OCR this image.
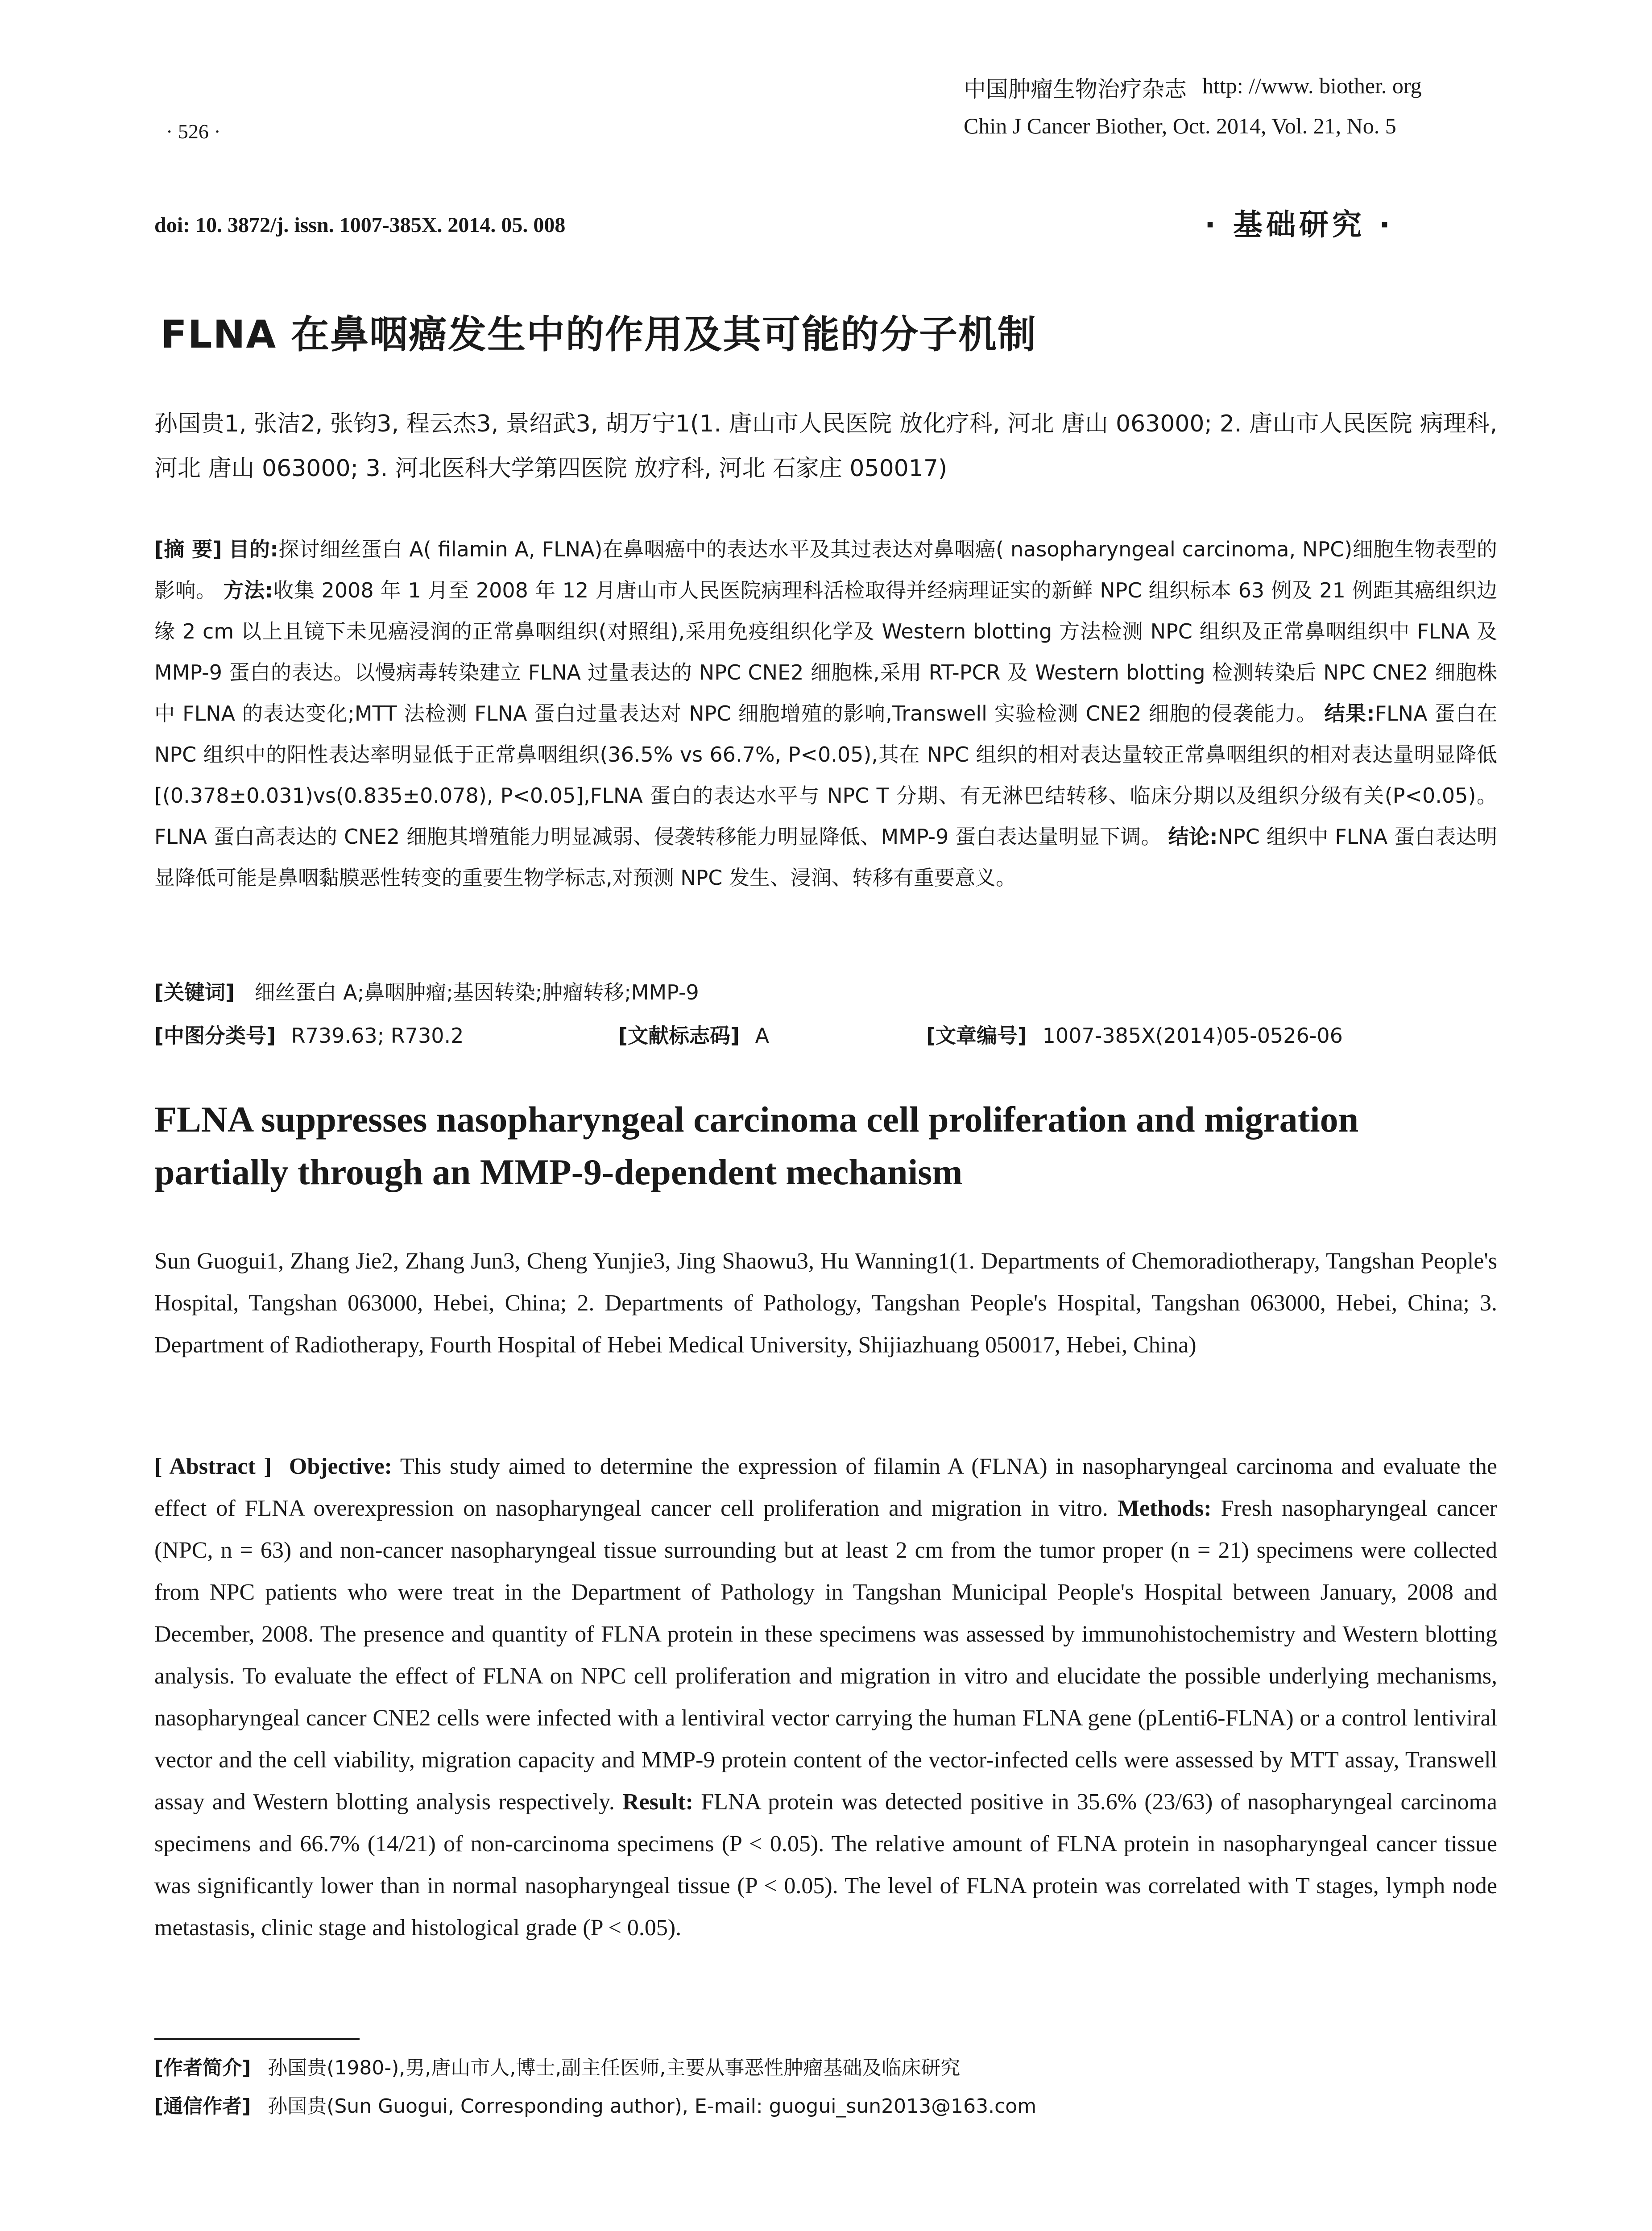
· 526 ·
中国肿瘤生物治疗杂志 http: //www. biother. org
Chin J Cancer Biother, Oct. 2014, Vol. 21, No. 5
doi: 10. 3872/j. issn. 1007-385X. 2014. 05. 008	· 基础研究 ·
FLNA 在鼻咽癌发生中的作用及其可能的分子机制
孙国贵1, 张洁2, 张钧3, 程云杰3, 景绍武3, 胡万宁1(1. 唐山市人民医院 放化疗科, 河北 唐山 063000; 2. 唐山市人民医院 病理科, 河北 唐山 063000; 3. 河北医科大学第四医院 放疗科, 河北 石家庄 050017)
[摘 要] 目的:探讨细丝蛋白 A( filamin A, FLNA)在鼻咽癌中的表达水平及其过表达对鼻咽癌( nasopharyngeal carcinoma, NPC)细胞生物表型的影响。 方法:收集 2008 年 1 月至 2008 年 12 月唐山市人民医院病理科活检取得并经病理证实的新鲜 NPC 组织标本 63 例及 21 例距其癌组织边缘 2 cm 以上且镜下未见癌浸润的正常鼻咽组织(对照组),采用免疫组织化学及 Western blotting 方法检测 NPC 组织及正常鼻咽组织中 FLNA 及 MMP-9 蛋白的表达。以慢病毒转染建立 FLNA 过量表达的 NPC CNE2 细胞株,采用 RT-PCR 及 Western blotting 检测转染后 NPC CNE2 细胞株中 FLNA 的表达变化;MTT 法检测 FLNA 蛋白过量表达对 NPC 细胞增殖的影响,Transwell 实验检测 CNE2 细胞的侵袭能力。 结果:FLNA 蛋白在 NPC 组织中的阳性表达率明显低于正常鼻咽组织(36.5% vs 66.7%, P<0.05),其在 NPC 组织的相对表达量较正常鼻咽组织的相对表达量明显降低[(0.378±0.031)vs(0.835±0.078), P<0.05],FLNA 蛋白的表达水平与 NPC T 分期、有无淋巴结转移、临床分期以及组织分级有关(P<0.05)。FLNA 蛋白高表达的 CNE2 细胞其增殖能力明显减弱、侵袭转移能力明显降低、MMP-9 蛋白表达量明显下调。 结论:NPC 组织中 FLNA 蛋白表达明显降低可能是鼻咽黏膜恶性转变的重要生物学标志,对预测 NPC 发生、浸润、转移有重要意义。
[关键词] 细丝蛋白 A;鼻咽肿瘤;基因转染;肿瘤转移;MMP-9
[中图分类号] R739.63; R730.2	[文献标志码] A	[文章编号] 1007-385X(2014)05-0526-06
FLNA suppresses nasopharyngeal carcinoma cell proliferation and migration partially through an MMP-9-dependent mechanism
Sun Guogui1, Zhang Jie2, Zhang Jun3, Cheng Yunjie3, Jing Shaowu3, Hu Wanning1(1. Departments of Chemoradiotherapy, Tangshan People's Hospital, Tangshan 063000, Hebei, China; 2. Departments of Pathology, Tangshan People's Hospital, Tangshan 063000, Hebei, China; 3. Department of Radiotherapy, Fourth Hospital of Hebei Medical University, Shijiazhuang 050017, Hebei, China)
[ Abstract ] Objective: This study aimed to determine the expression of filamin A (FLNA) in nasopharyngeal carcinoma and evaluate the effect of FLNA overexpression on nasopharyngeal cancer cell proliferation and migration in vitro. Methods: Fresh nasopharyngeal cancer (NPC, n = 63) and non-cancer nasopharyngeal tissue surrounding but at least 2 cm from the tumor proper (n = 21) specimens were collected from NPC patients who were treat in the Department of Pathology in Tangshan Municipal People's Hospital between January, 2008 and December, 2008. The presence and quantity of FLNA protein in these specimens was assessed by immunohistochemistry and Western blotting analysis. To evaluate the effect of FLNA on NPC cell proliferation and migration in vitro and elucidate the possible underlying mechanisms, nasopharyngeal cancer CNE2 cells were infected with a lentiviral vector carrying the human FLNA gene (pLenti6-FLNA) or a control lentiviral vector and the cell viability, migration capacity and MMP-9 protein content of the vector-infected cells were assessed by MTT assay, Transwell assay and Western blotting analysis respectively. Result: FLNA protein was detected positive in 35.6% (23/63) of nasopharyngeal carcinoma specimens and 66.7% (14/21) of non-carcinoma specimens (P < 0.05). The relative amount of FLNA protein in nasopharyngeal cancer tissue was significantly lower than in normal nasopharyngeal tissue (P < 0.05). The level of FLNA protein was correlated with T stages, lymph node metastasis, clinic stage and histological grade (P < 0.05).
[作者简介] 孙国贵(1980-),男,唐山市人,博士,副主任医师,主要从事恶性肿瘤基础及临床研究
[通信作者] 孙国贵(Sun Guogui, Corresponding author), E-mail: guogui_sun2013@163.com
